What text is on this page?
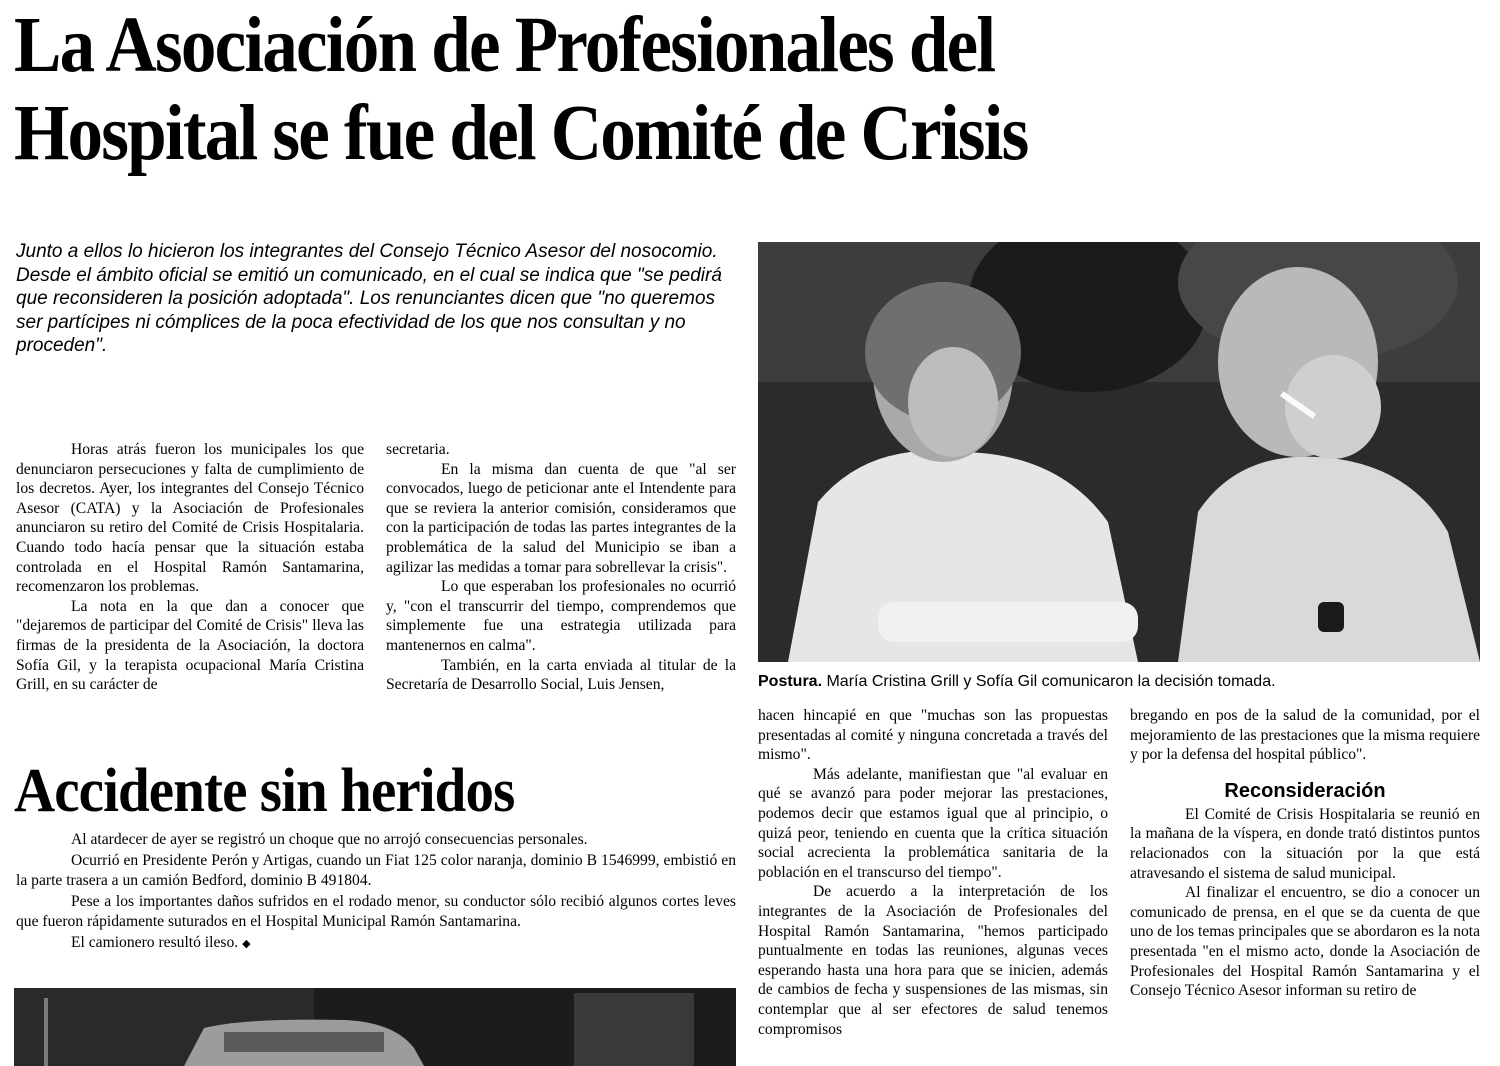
La Asociación de Profesionales del
Hospital se fue del Comité de Crisis

Junto a ellos lo hicieron los integrantes del Consejo Técnico Asesor del nosocomio. Desde el ámbito oficial se emitió un comunicado, en el cual se indica que "se pedirá que reconsideren la posición adoptada". Los renunciantes dicen que "no queremos ser partícipes ni cómplices de la poca efectividad de los que nos consultan y no proceden".

Horas atrás fueron los municipales los que denunciaron persecuciones y falta de cumplimiento de los decretos. Ayer, los integrantes del Consejo Técnico Asesor (CATA) y la Asociación de Profesionales anunciaron su retiro del Comité de Crisis Hospitalaria. Cuando todo hacía pensar que la situación estaba controlada en el Hospital Ramón Santamarina, recomenzaron los problemas.

La nota en la que dan a conocer que "dejaremos de participar del Comité de Crisis" lleva las firmas de la presidenta de la Asociación, la doctora Sofía Gil, y la terapista ocupacional María Cristina Grill, en su carácter de

secretaria.

En la misma dan cuenta de que "al ser convocados, luego de peticionar ante el Intendente para que se reviera la anterior comisión, consideramos que con la participación de todas las partes integrantes de la problemática de la salud del Municipio se iban a agilizar las medidas a tomar para sobrellevar la crisis".

Lo que esperaban los profesionales no ocurrió y, "con el transcurrir del tiempo, comprendemos que simplemente fue una estrategia utilizada para mantenernos en calma".

También, en la carta enviada al titular de la Secretaría de Desarrollo Social, Luis Jensen,	Postura. María Cristina Grill y Sofía Gil comunicaron la decisión tomada.

hacen hincapié en que "muchas son las propuestas presentadas al comité y ninguna concretada a través del mismo".

Más adelante, manifiestan que "al evaluar en qué se avanzó para poder mejorar las prestaciones, podemos decir que estamos igual que al principio, o quizá peor, teniendo en cuenta que la crítica situación social acrecienta la problemática sanitaria de la población en el transcurso del tiempo".

De acuerdo a la interpretación de los integrantes de la Asociación de Profesionales del Hospital Ramón Santamarina, "hemos participado puntualmente en todas las reuniones, algunas veces esperando hasta una hora para que se inicien, además de cambios de fecha y suspensiones de las mismas, sin contemplar que al ser efectores de salud tenemos compromisos

bregando en pos de la salud de la comunidad, por el mejoramiento de las prestaciones que la misma requiere y por la defensa del hospital público".

Reconsideración

El Comité de Crisis Hospitalaria se reunió en la mañana de la víspera, en donde trató distintos puntos relacionados con la situación por la que está atravesando el sistema de salud municipal.

Al finalizar el encuentro, se dio a conocer un comunicado de prensa, en el que se da cuenta de que uno de los temas principales que se abordaron es la nota presentada "en el mismo acto, donde la Asociación de Profesionales del Hospital Ramón Santamarina y el Consejo Técnico Asesor informan su retiro de

Accidente sin heridos

Al atardecer de ayer se registró un choque que no arrojó consecuencias personales.

Ocurrió en Presidente Perón y Artigas, cuando un Fiat 125 color naranja, dominio B 1546999, embistió en la parte trasera a un camión Bedford, dominio B 491804.

Pese a los importantes daños sufridos en el rodado menor, su conductor sólo recibió algunos cortes leves que fueron rápidamente suturados en el Hospital Municipal Ramón Santamarina.

El camionero resultó ileso. ◆
